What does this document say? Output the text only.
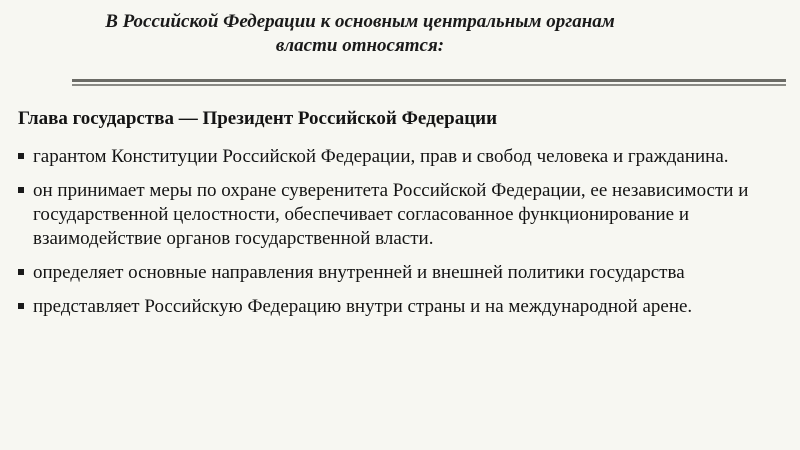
В Российской Федерации к основным центральным органам
власти относятся:
Глава государства — Президент Российской Федерации
гарантом Конституции Российской Федерации, прав и свобод человека и гражданина.
он принимает меры по охране суверенитета Российской Федерации, ее независимости и государственной целостности, обеспечивает согласованное функционирование и взаимодействие органов государственной власти.
определяет основные направления внутренней и внешней политики государства
представляет Российскую Федерацию внутри страны и на международной арене.
